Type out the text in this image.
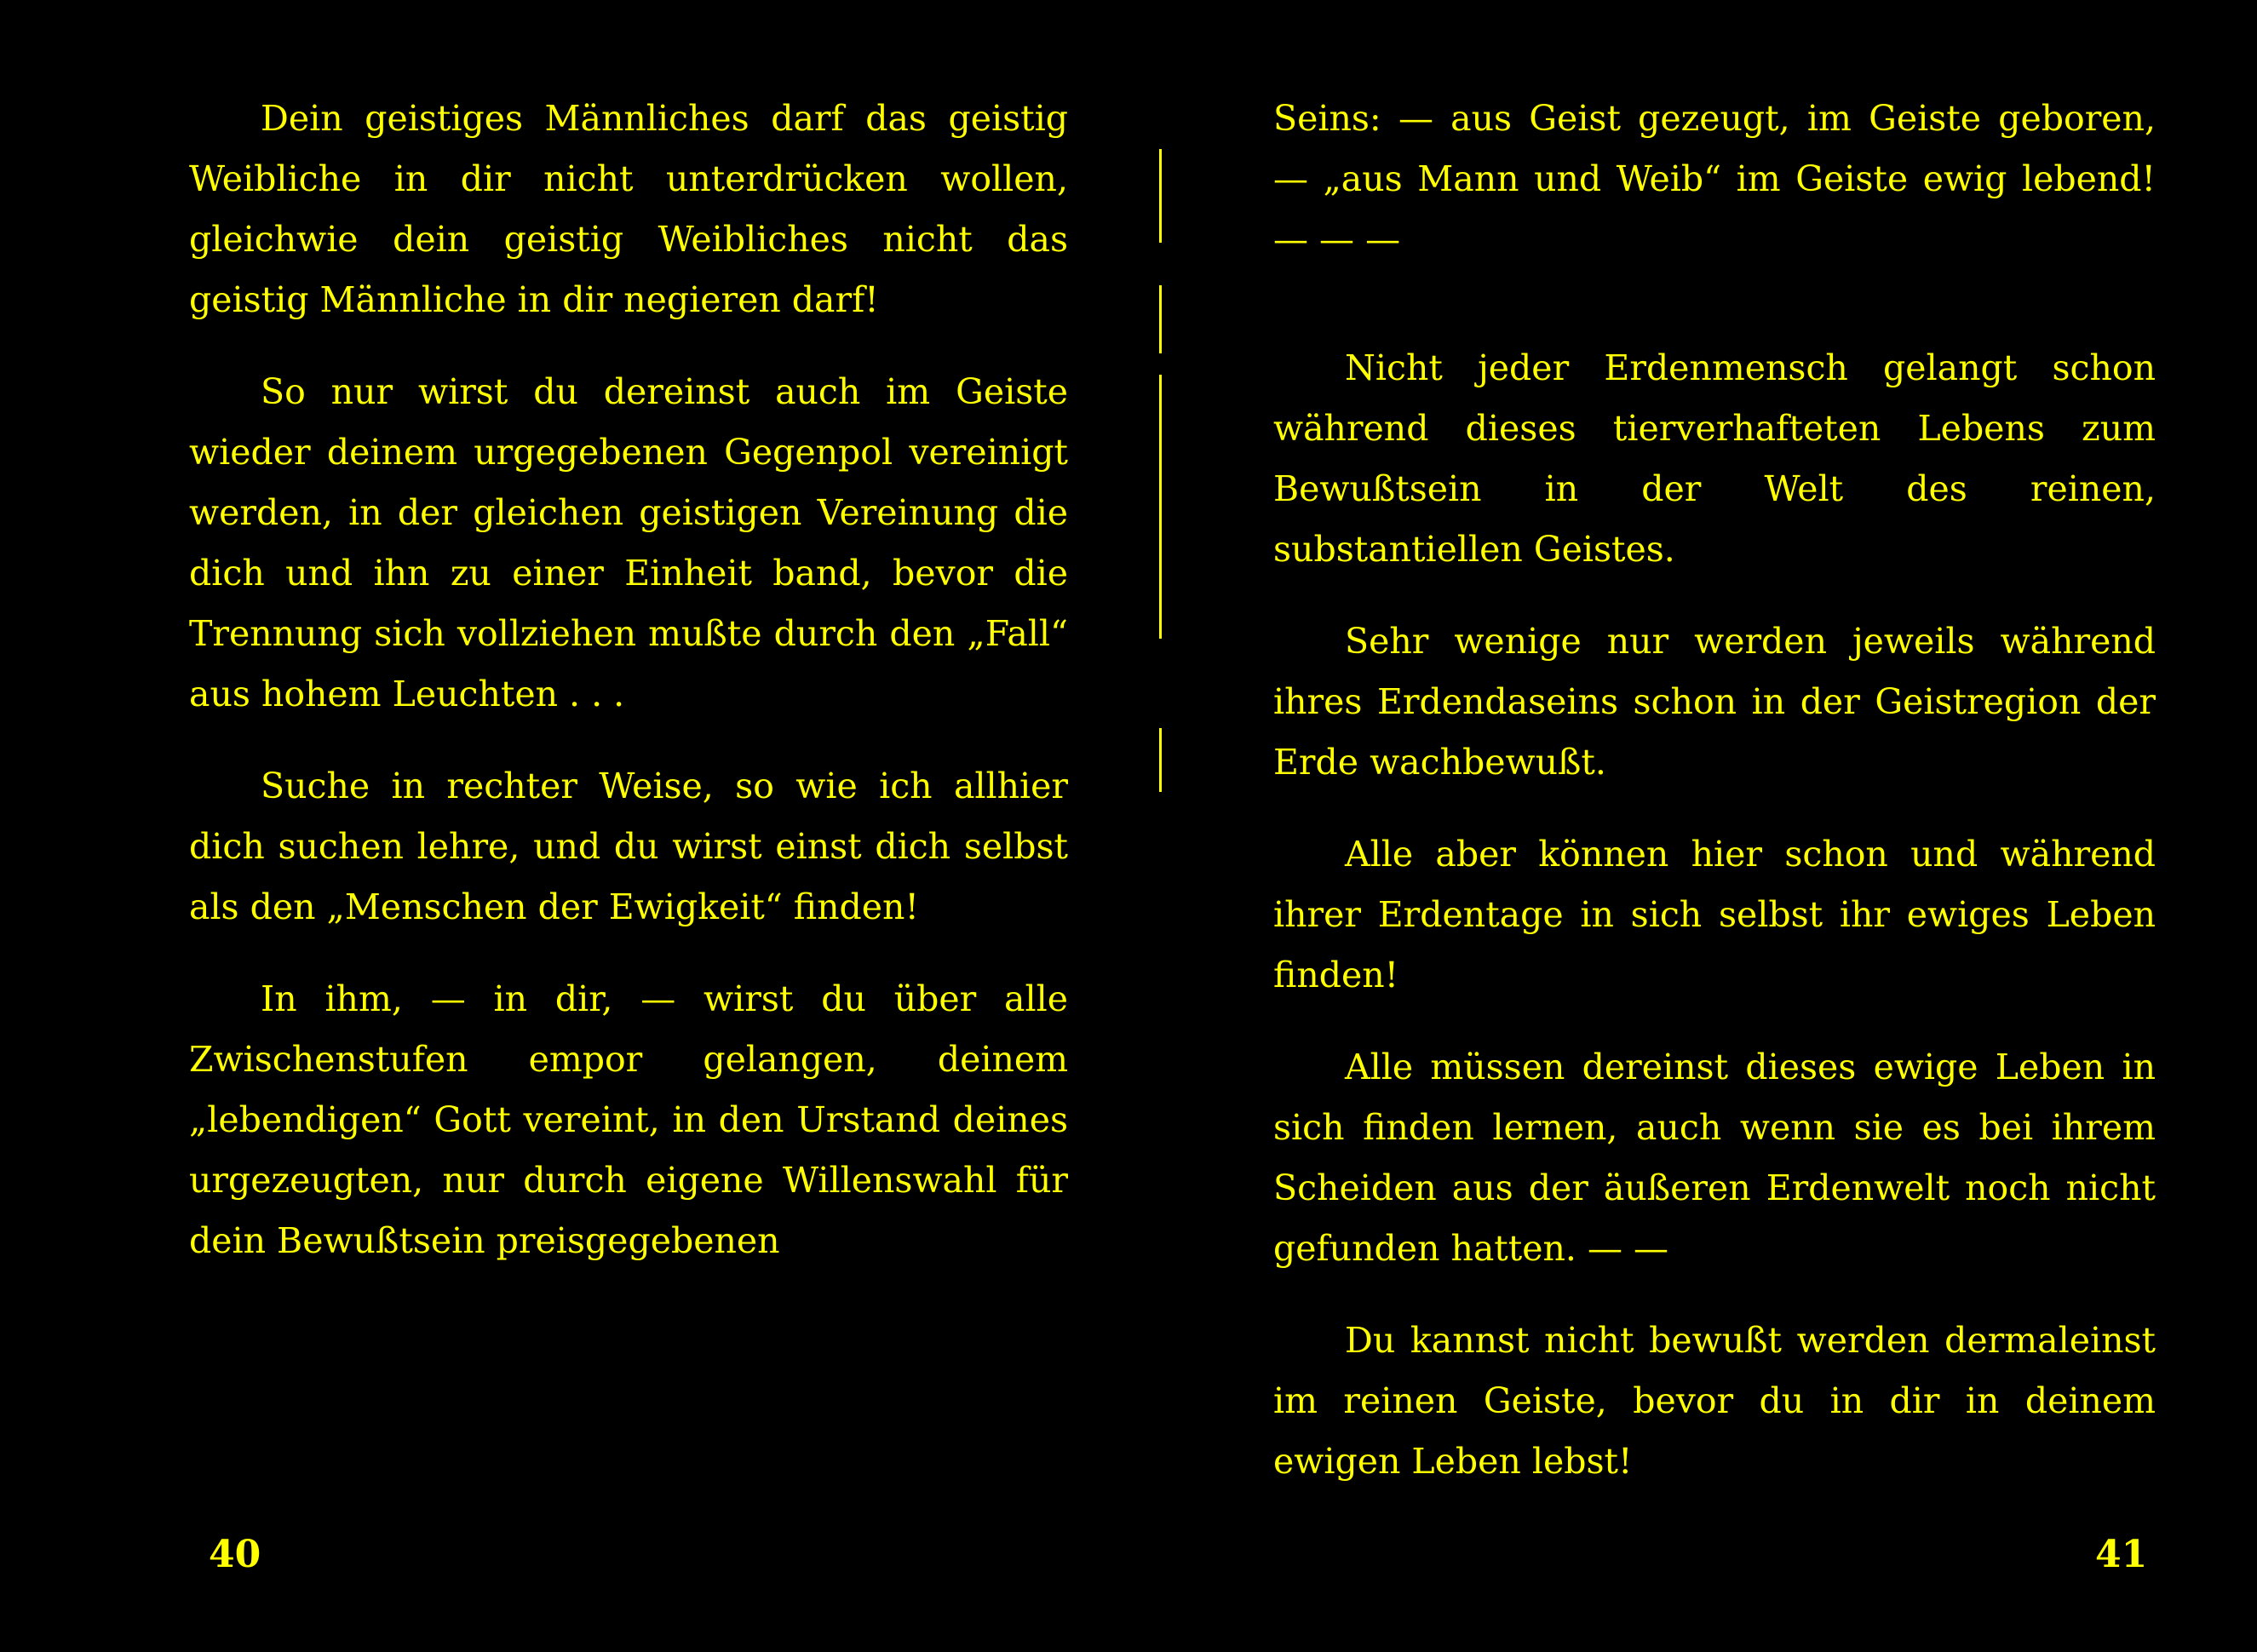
Dein geistiges Männliches darf das geistig Weibliche in dir nicht unterdrücken wollen, gleichwie dein geistig Weibliches nicht das geistig Männliche in dir negieren darf!

So nur wirst du dereinst auch im Geiste wieder deinem urgegebenen Gegenpol vereinigt werden, in der gleichen geistigen Vereinung die dich und ihn zu einer Einheit band, bevor die Trennung sich vollziehen mußte durch den „Fall“ aus hohem Leuchten . . .

Suche in rechter Weise, so wie ich allhier dich suchen lehre, und du wirst einst dich selbst als den „Menschen der Ewigkeit“ finden!

In ihm, — in dir, — wirst du über alle Zwischenstufen empor gelangen, deinem „lebendigen“ Gott vereint, in den Urstand deines urgezeugten, nur durch eigene Willenswahl für dein Bewußtsein preisgegebenen

40

Seins: — aus Geist gezeugt, im Geiste geboren, — „aus Mann und Weib“ im Geiste ewig lebend! — — —

Nicht jeder Erdenmensch gelangt schon während dieses tierverhafteten Lebens zum Bewußtsein in der Welt des reinen, substantiellen Geistes.

Sehr wenige nur werden jeweils während ihres Erdendaseins schon in der Geistregion der Erde wachbewußt.

Alle aber können hier schon und während ihrer Erdentage in sich selbst ihr ewiges Leben finden!

Alle müssen dereinst dieses ewige Leben in sich finden lernen, auch wenn sie es bei ihrem Scheiden aus der äußeren Erdenwelt noch nicht gefunden hatten. — —

Du kannst nicht bewußt werden dermaleinst im reinen Geiste, bevor du in dir in deinem ewigen Leben lebst!

41
